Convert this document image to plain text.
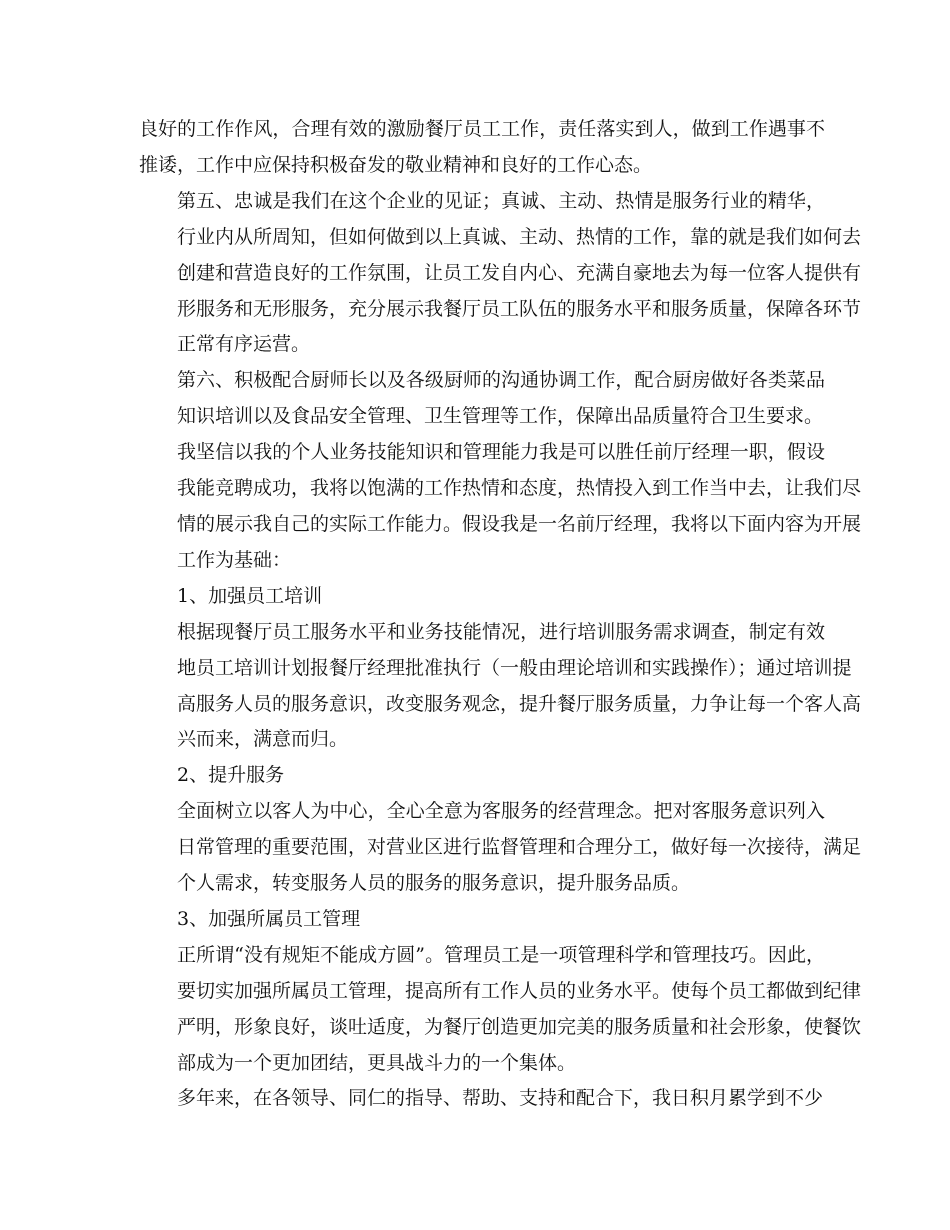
良好的工作作风，合理有效的激励餐厅员工工作，责任落实到人，做到工作遇事不
推诿，工作中应保持积极奋发的敬业精神和良好的工作心态。
第五、忠诚是我们在这个企业的见证；真诚、主动、热情是服务行业的精华，
行业内从所周知，但如何做到以上真诚、主动、热情的工作，靠的就是我们如何去
创建和营造良好的工作氛围，让员工发自内心、充满自豪地去为每一位客人提供有
形服务和无形服务，充分展示我餐厅员工队伍的服务水平和服务质量，保障各环节
正常有序运营。
第六、积极配合厨师长以及各级厨师的沟通协调工作，配合厨房做好各类菜品
知识培训以及食品安全管理、卫生管理等工作，保障出品质量符合卫生要求。
我坚信以我的个人业务技能知识和管理能力我是可以胜任前厅经理一职，假设
我能竞聘成功，我将以饱满的工作热情和态度，热情投入到工作当中去，让我们尽
情的展示我自己的实际工作能力。假设我是一名前厅经理，我将以下面内容为开展
工作为基础：
1、加强员工培训
根据现餐厅员工服务水平和业务技能情况，进行培训服务需求调查，制定有效
地员工培训计划报餐厅经理批准执行（一般由理论培训和实践操作）；通过培训提
高服务人员的服务意识，改变服务观念，提升餐厅服务质量，力争让每一个客人高
兴而来，满意而归。
2、提升服务
全面树立以客人为中心，全心全意为客服务的经营理念。把对客服务意识列入
日常管理的重要范围，对营业区进行监督管理和合理分工，做好每一次接待，满足
个人需求，转变服务人员的服务的服务意识，提升服务品质。
3、加强所属员工管理
正所谓“没有规矩不能成方圆”。管理员工是一项管理科学和管理技巧。因此，
要切实加强所属员工管理，提高所有工作人员的业务水平。使每个员工都做到纪律
严明，形象良好，谈吐适度，为餐厅创造更加完美的服务质量和社会形象，使餐饮
部成为一个更加团结，更具战斗力的一个集体。
多年来，在各领导、同仁的指导、帮助、支持和配合下，我日积月累学到不少
